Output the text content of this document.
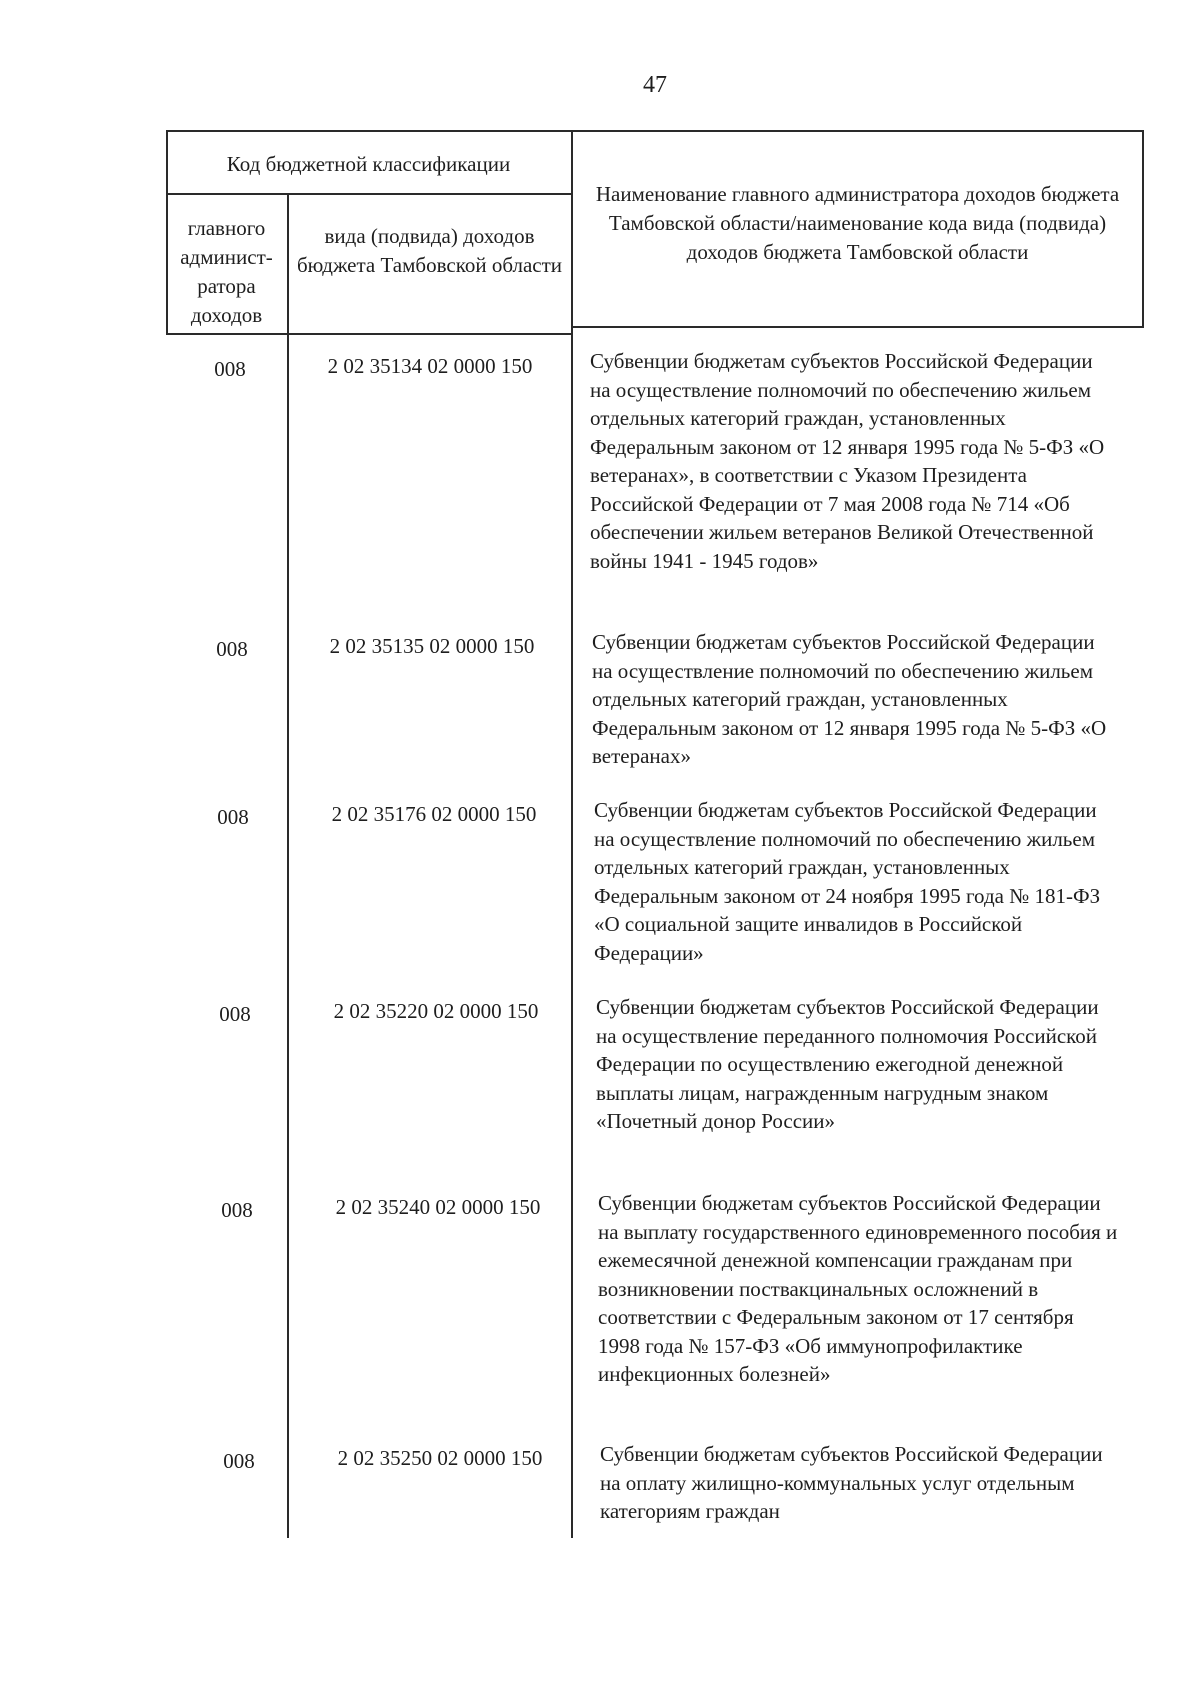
47
Код бюджетной классификации
главного админист-ратора доходов
вида (подвида) доходов бюджета Тамбовской области
Наименование главного администратора доходов бюджета Тамбовской области/наименование кода вида (подвида) доходов бюджета Тамбовской области
008	2 02 35134 02 0000 150	Субвенции бюджетам субъектов Российской Федерации на осуществление полномочий по обеспечению жильем отдельных категорий граждан, установленных Федеральным законом от 12 января 1995 года № 5-ФЗ «О ветеранах», в соответствии с Указом Президента Российской Федерации от 7 мая 2008 года № 714 «Об обеспечении жильем ветеранов Великой Отечественной войны 1941 - 1945 годов»
008	2 02 35135 02 0000 150	Субвенции бюджетам субъектов Российской Федерации на осуществление полномочий по обеспечению жильем отдельных категорий граждан, установленных Федеральным законом от 12 января 1995 года № 5-ФЗ «О ветеранах»
008	2 02 35176 02 0000 150	Субвенции бюджетам субъектов Российской Федерации на осуществление полномочий по обеспечению жильем отдельных категорий граждан, установленных Федеральным законом от 24 ноября 1995 года № 181-ФЗ «О социальной защите инвалидов в Российской Федерации»
008	2 02 35220 02 0000 150	Субвенции бюджетам субъектов Российской Федерации на осуществление переданного полномочия Российской Федерации по осуществлению ежегодной денежной выплаты лицам, награжденным нагрудным знаком «Почетный донор России»
008	2 02 35240 02 0000 150	Субвенции бюджетам субъектов Российской Федерации на выплату государственного единовременного пособия и ежемесячной денежной компенсации гражданам при возникновении поствакцинальных осложнений в соответствии с Федеральным законом от 17 сентября 1998 года № 157-ФЗ «Об иммунопрофилактике инфекционных болезней»
008	2 02 35250 02 0000 150	Субвенции бюджетам субъектов Российской Федерации на оплату жилищно-коммунальных услуг отдельным категориям граждан
